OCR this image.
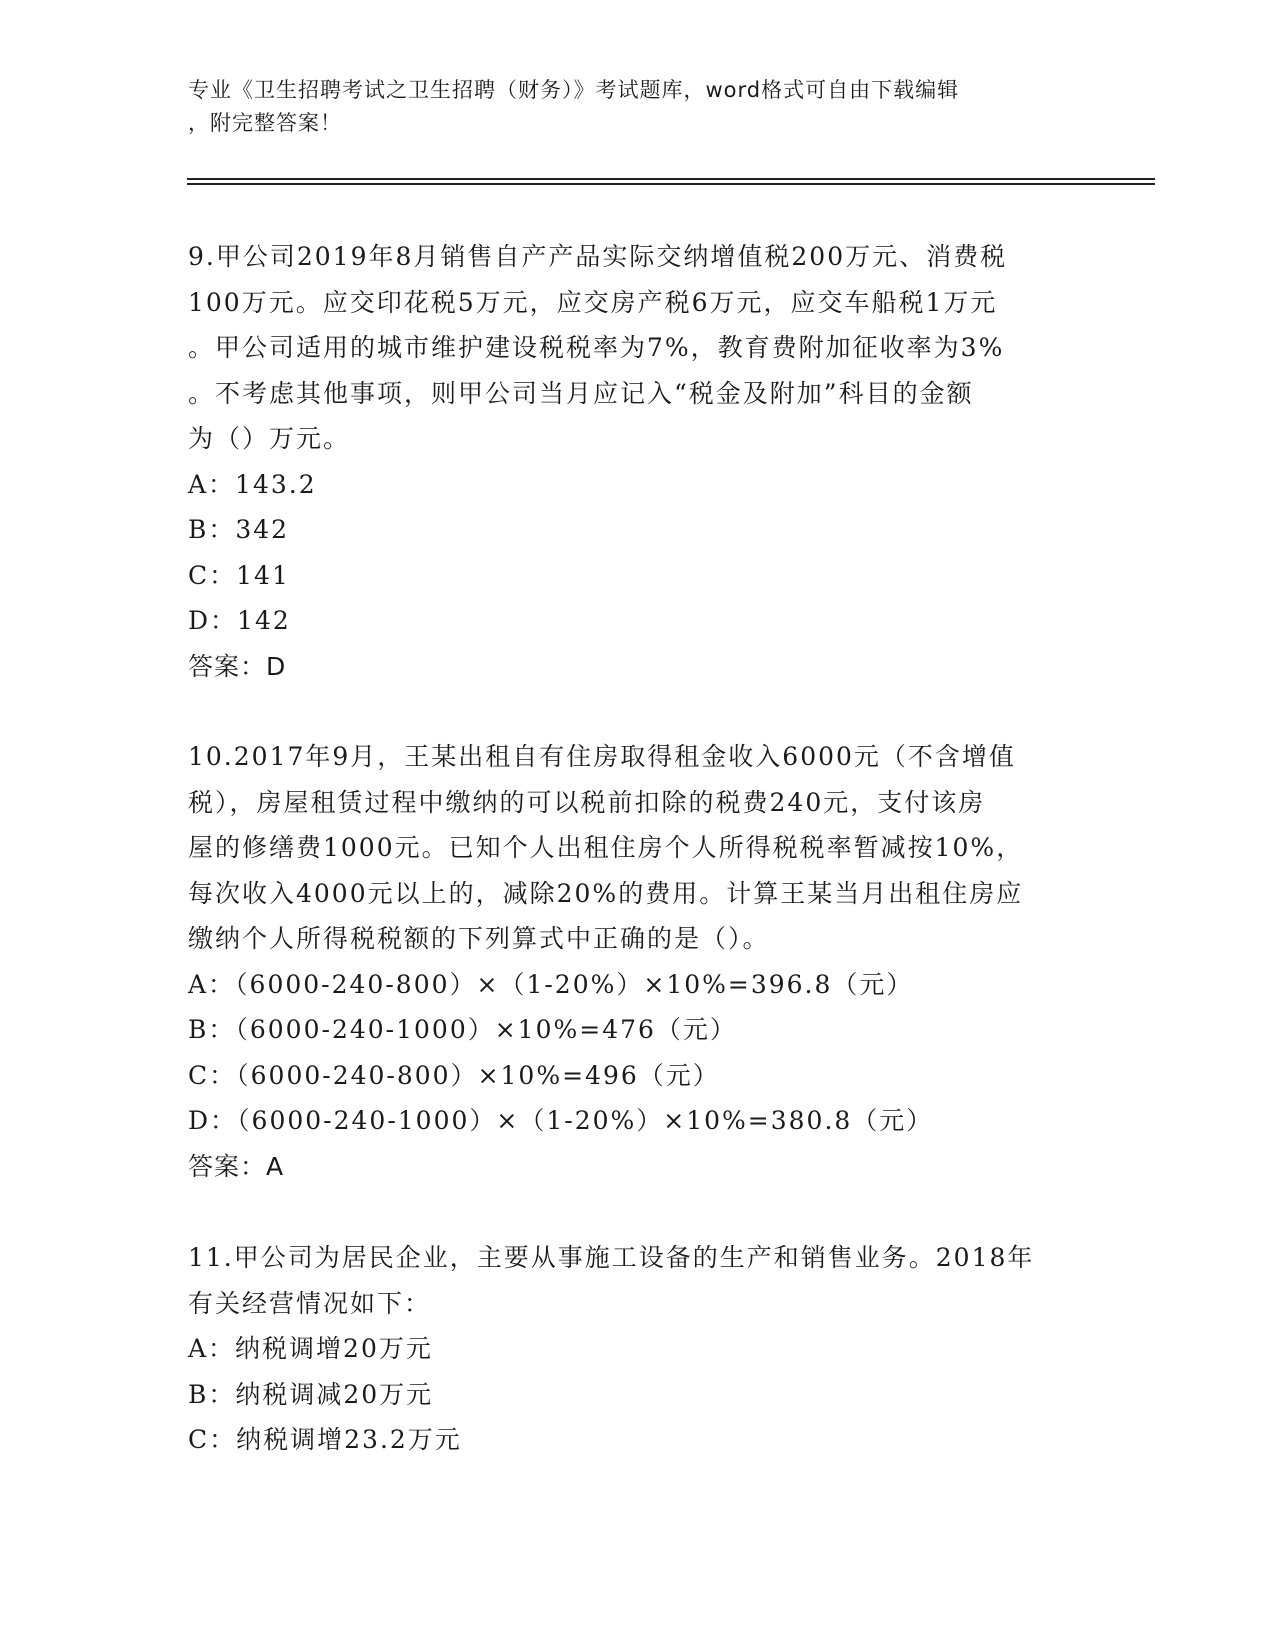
专业《卫生招聘考试之卫生招聘（财务）》考试题库，word格式可自由下载编辑
，附完整答案！
9.甲公司2019年8月销售自产产品实际交纳增值税200万元、消费税
100万元。应交印花税5万元，应交房产税6万元，应交车船税1万元
。甲公司适用的城市维护建设税税率为7%，教育费附加征收率为3%
。不考虑其他事项，则甲公司当月应记入“税金及附加”科目的金额
为（）万元。
A：143.2
B：342
C：141
D：142
答案：D
10.2017年9月，王某出租自有住房取得租金收入6000元（不含增值
税），房屋租赁过程中缴纳的可以税前扣除的税费240元，支付该房
屋的修缮费1000元。已知个人出租住房个人所得税税率暂减按10%，
每次收入4000元以上的，减除20%的费用。计算王某当月出租住房应
缴纳个人所得税税额的下列算式中正确的是（）。
A：（6000-240-800）×（1-20%）×10%=396.8（元）
B：（6000-240-1000）×10%=476（元）
C：（6000-240-800）×10%=496（元）
D：（6000-240-1000）×（1-20%）×10%=380.8（元）
答案：A
11.甲公司为居民企业，主要从事施工设备的生产和销售业务。2018年
有关经营情况如下：
A：纳税调增20万元
B：纳税调减20万元
C：纳税调增23.2万元
